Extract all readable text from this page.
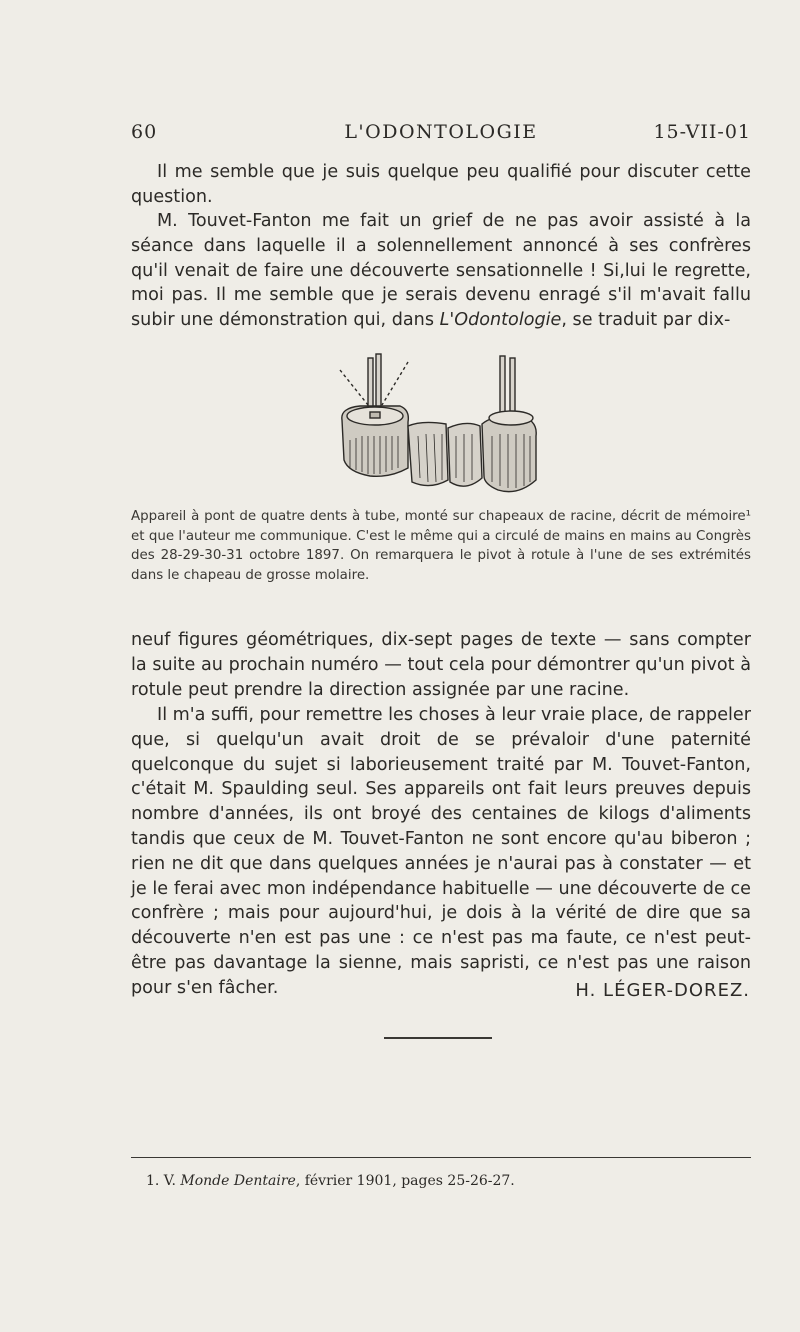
60	L'ODONTOLOGIE	15-VII-01

Il me semble que je suis quelque peu qualifié pour discuter cette question.

M. Touvet-Fanton me fait un grief de ne pas avoir assisté à la séance dans laquelle il a solennellement annoncé à ses confrères qu'il venait de faire une découverte sensationnelle ! Si,lui le regrette, moi pas. Il me semble que je serais devenu enragé s'il m'avait fallu subir une démonstration qui, dans L'Odontologie, se traduit par dix-

Appareil à pont de quatre dents à tube, monté sur chapeaux de racine, décrit de mémoire¹ et que l'auteur me communique. C'est le même qui a circulé de mains en mains au Congrès des 28-29-30-31 octobre 1897. On remarquera le pivot à rotule à l'une de ses extrémités dans le chapeau de grosse molaire.

neuf figures géométriques, dix-sept pages de texte — sans compter la suite au prochain numéro — tout cela pour démontrer qu'un pivot à rotule peut prendre la direction assignée par une racine.

Il m'a suffi, pour remettre les choses à leur vraie place, de rappeler que, si quelqu'un avait droit de se prévaloir d'une paternité quelconque du sujet si laborieusement traité par M. Touvet-Fanton, c'était M. Spaulding seul. Ses appareils ont fait leurs preuves depuis nombre d'années, ils ont broyé des centaines de kilogs d'aliments tandis que ceux de M. Touvet-Fanton ne sont encore qu'au biberon ; rien ne dit que dans quelques années je n'aurai pas à constater — et je le ferai avec mon indépendance habituelle — une découverte de ce confrère ; mais pour aujourd'hui, je dois à la vérité de dire que sa découverte n'en est pas une : ce n'est pas ma faute, ce n'est peut-être pas davantage la sienne, mais sapristi, ce n'est pas une raison pour s'en fâcher.	H. LÉGER-DOREZ.
1. V. Monde Dentaire, février 1901, pages 25-26-27.
